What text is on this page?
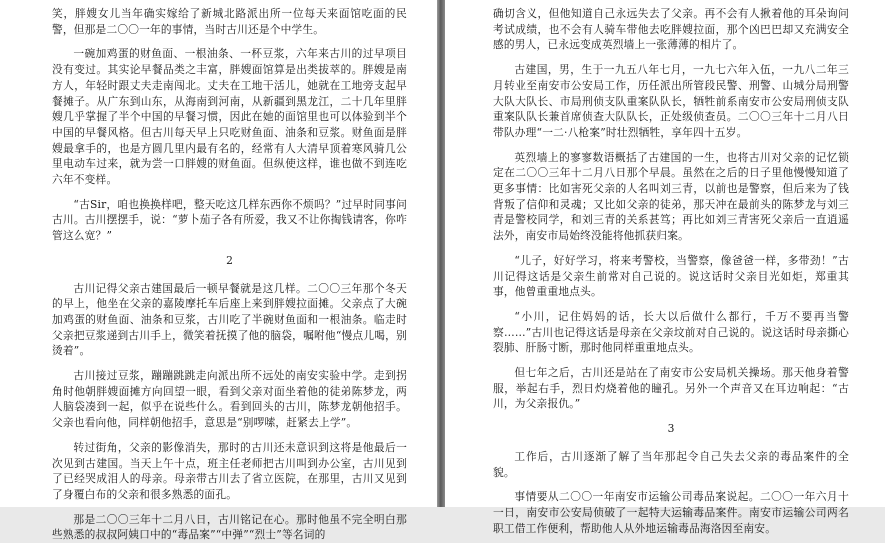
笑，胖嫂女儿当年确实嫁给了新城北路派出所一位每天来面馆吃面的民警，但那是二〇〇一年的事情，当时古川还是个中学生。

一碗加鸡蛋的财鱼面、一根油条、一杯豆浆，六年来古川的过早项目没有变过。其实论早餐品类之丰富，胖嫂面馆算是出类拔萃的。胖嫂是南方人，年轻时跟丈夫走南闯北。丈夫在工地干活儿，她就在工地旁支起早餐摊子。从广东到山东，从海南到河南，从新疆到黑龙江，二十几年里胖嫂几乎掌握了半个中国的早餐习惯，因此在她的面馆里也可以体验到半个中国的早餐风格。但古川每天早上只吃财鱼面、油条和豆浆。财鱼面是胖嫂最拿手的，也是方圆几里内最有名的，经常有人大清早顶着寒风骑几公里电动车过来，就为尝一口胖嫂的财鱼面。但纵使这样，谁也做不到连吃六年不变样。

“古Sir，咱也换换样吧，整天吃这几样东西你不烦吗？”过早时同事问古川。古川摆摆手，说：“萝卜茄子各有所爱，我又不让你掏钱请客，你咋管这么宽？”

2

古川记得父亲古建国最后一顿早餐就是这几样。二〇〇三年那个冬天的早上，他坐在父亲的嘉陵摩托车后座上来到胖嫂拉面摊。父亲点了大碗加鸡蛋的财鱼面、油条和豆浆，古川吃了半碗财鱼面和一根油条。临走时父亲把豆浆递到古川手上，微笑着抚摸了他的脑袋，嘱咐他“慢点儿喝，别烫着”。

古川接过豆浆，蹦蹦跳跳走向派出所不远处的南安实验中学。走到拐角时他朝胖嫂面摊方向回望一眼，看到父亲对面坐着他的徒弟陈梦龙，两人脑袋凑到一起，似乎在说些什么。看到回头的古川，陈梦龙朝他招手。父亲也看向他，同样朝他招手，意思是“别啰嗦，赶紧去上学”。

转过街角，父亲的影像消失，那时的古川还未意识到这将是他最后一次见到古建国。当天上午十点，班主任老师把古川叫到办公室，古川见到了已经哭成泪人的母亲。母亲带古川去了省立医院，在那里，古川又见到了身覆白布的父亲和很多熟悉的面孔。

那是二〇〇三年十二月八日，古川铭记在心。那时他虽不完全明白那些熟悉的叔叔阿姨口中的“毒品案”“中弹”“烈士”等名词的

确切含义，但他知道自己永远失去了父亲。再不会有人揪着他的耳朵询问考试成绩，也不会有人骑车带他去吃胖嫂拉面，那个凶巴巴却又充满安全感的男人，已永远变成英烈墙上一张薄薄的相片了。

古建国，男，生于一九五八年七月，一九七六年入伍，一九八二年三月转业至南安市公安局工作，历任派出所管段民警、刑警、山城分局刑警大队大队长、市局刑侦支队重案队队长，牺牲前系南安市公安局刑侦支队重案队队长兼首席侦查大队队长，正处级侦查员。二〇〇三年十二月八日带队办理“一二·八枪案”时壮烈牺牲，享年四十五岁。

英烈墙上的寥寥数语概括了古建国的一生，也将古川对父亲的记忆锁定在二〇〇三年十二月八日那个早晨。虽然在之后的日子里他慢慢知道了更多事情：比如害死父亲的人名叫刘三青，以前也是警察，但后来为了钱背叛了信仰和灵魂；又比如父亲的徒弟，那天冲在最前头的陈梦龙与刘三青是警校同学，和刘三青的关系甚笃；再比如刘三青害死父亲后一直逍遥法外，南安市局始终没能将他抓获归案。

“儿子，好好学习，将来考警校，当警察，像爸爸一样，多带劲！”古川记得这话是父亲生前常对自己说的。说这话时父亲目光如炬，郑重其事，他曾重重地点头。

“小川，记住妈妈的话，长大以后做什么都行，千万不要再当警察……”古川也记得这话是母亲在父亲坟前对自己说的。说这话时母亲撕心裂肺、肝肠寸断，那时他同样重重地点头。

但七年之后，古川还是站在了南安市公安局机关操场。那天他身着警服，举起右手，烈日灼烧着他的瞳孔。另外一个声音又在耳边响起：“古川，为父亲报仇。”

3

工作后，古川逐渐了解了当年那起令自己失去父亲的毒品案件的全貌。

事情要从二〇〇一年南安市运输公司毒品案说起。二〇〇一年六月十一日，南安市公安局侦破了一起特大运输毒品案件。南安市运输公司两名职工借工作便利，帮助他人从外地运输毒品海洛因至南安。
